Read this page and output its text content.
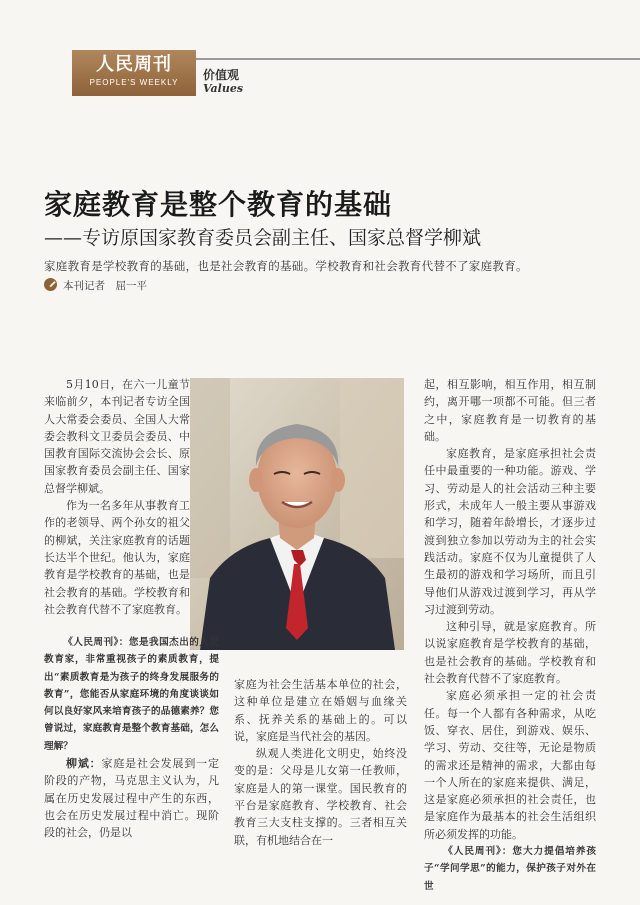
人民周刊
PEOPLE'S WEEKLY
价值观
Values
家庭教育是整个教育的基础
——专访原国家教育委员会副主任、国家总督学柳斌
家庭教育是学校教育的基础，也是社会教育的基础。学校教育和社会教育代替不了家庭教育。
本刊记者　屈一平

5月10日，在六一儿童节来临前夕，本刊记者专访全国人大常委会委员、全国人大常委会教科文卫委员会委员、中国教育国际交流协会会长、原国家教育委员会副主任、国家总督学柳斌。

作为一名多年从事教育工作的老领导、两个孙女的祖父的柳斌，关注家庭教育的话题长达半个世纪。他认为，家庭教育是学校教育的基础，也是社会教育的基础。学校教育和社会教育代替不了家庭教育。

《人民周刊》：您是我国杰出的人民教育家，非常重视孩子的素质教育，提出“素质教育是为孩子的终身发展服务的教育”，您能否从家庭环境的角度谈谈如何以良好家风来培育孩子的品德素养？您曾说过，家庭教育是整个教育基础，怎么理解？

柳斌：家庭是社会发展到一定阶段的产物，马克思主义认为，凡属在历史发展过程中产生的东西，也会在历史发展过程中消亡。现阶段的社会，仍是以

家庭为社会生活基本单位的社会，这种单位是建立在婚姻与血缘关系、抚养关系的基础上的。可以说，家庭是当代社会的基因。

纵观人类进化文明史，始终没变的是：父母是儿女第一任教师，家庭是人的第一课堂。国民教育的平台是家庭教育、学校教育、社会教育三大支柱支撑的。三者相互关联，有机地结合在一

起，相互影响，相互作用，相互制约，离开哪一项都不可能。但三者之中，家庭教育是一切教育的基础。

家庭教育，是家庭承担社会责任中最重要的一种功能。游戏、学习、劳动是人的社会活动三种主要形式，未成年人一般主要从事游戏和学习，随着年龄增长，才逐步过渡到独立参加以劳动为主的社会实践活动。家庭不仅为儿童提供了人生最初的游戏和学习场所，而且引导他们从游戏过渡到学习，再从学习过渡到劳动。

这种引导，就是家庭教育。所以说家庭教育是学校教育的基础，也是社会教育的基础。学校教育和社会教育代替不了家庭教育。

家庭必须承担一定的社会责任。每一个人都有各种需求，从吃饭、穿衣、居住，到游戏、娱乐、学习、劳动、交往等，无论是物质的需求还是精神的需求，大都由每一个人所在的家庭来提供、满足，这是家庭必须承担的社会责任，也是家庭作为最基本的社会生活组织所必须发挥的功能。

《人民周刊》：您大力提倡培养孩子“学问学思”的能力，保护孩子对外在世
